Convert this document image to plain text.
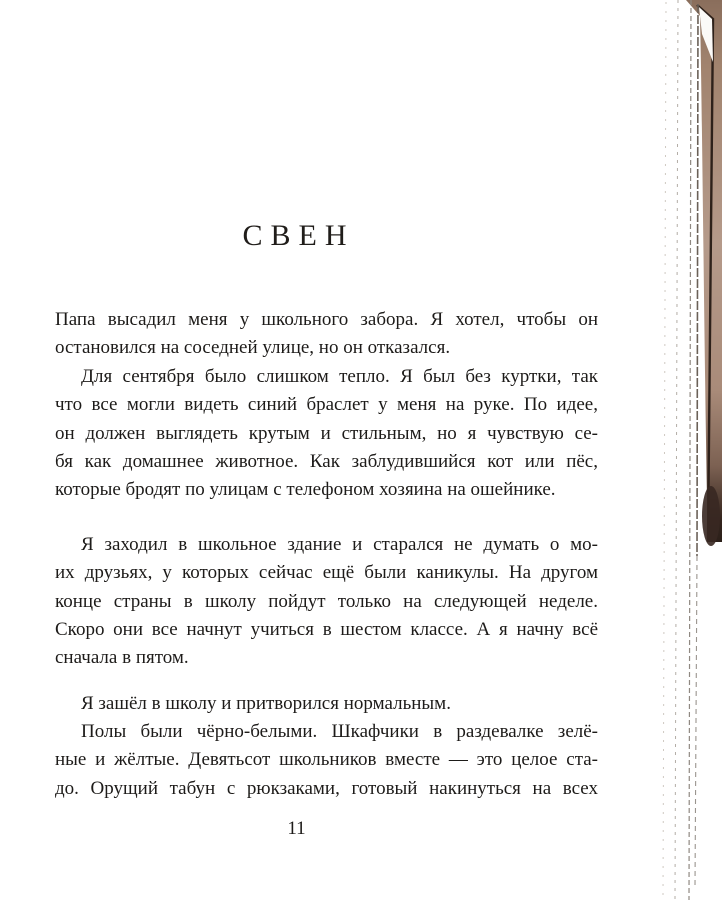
СВЕН
Папа высадил меня у школьного забора. Я хотел, чтобы он
остановился на соседней улице, но он отказался.
Для сентября было слишком тепло. Я был без куртки, так
что все могли видеть синий браслет у меня на руке. По идее,
он должен выглядеть крутым и стильным, но я чувствую се-
бя как домашнее животное. Как заблудившийся кот или пёс,
которые бродят по улицам с телефоном хозяина на ошейнике.
Я заходил в школьное здание и старался не думать о мо-
их друзьях, у которых сейчас ещё были каникулы. На другом
конце страны в школу пойдут только на следующей неделе.
Скоро они все начнут учиться в шестом классе. А я начну всё
сначала в пятом.
Я зашёл в школу и притворился нормальным.
Полы были чёрно-белыми. Шкафчики в раздевалке зелё-
ные и жёлтые. Девятьсот школьников вместе — это целое ста-
до. Орущий табун с рюкзаками, готовый накинуться на всех
11
